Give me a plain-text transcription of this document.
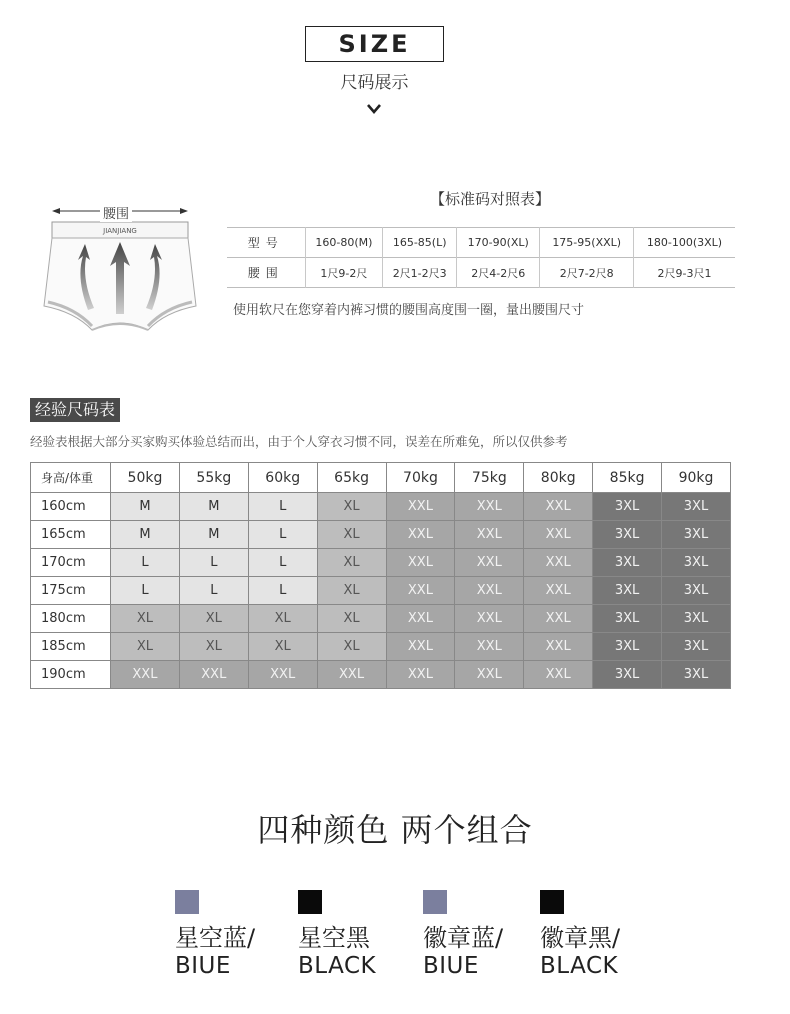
SIZE
尺码展示
JIANJIANG
腰围
【标准码对照表】
型号	160-80(M)	165-85(L)	170-90(XL)	175-95(XXL)	180-100(3XL)
腰围	1尺9-2尺	2尺1-2尺3	2尺4-2尺6	2尺7-2尺8	2尺9-3尺1
使用软尺在您穿着内裤习惯的腰围高度围一圈，量出腰围尺寸
经验尺码表
经验表根据大部分买家购买体验总结而出，由于个人穿衣习惯不同，误差在所难免，所以仅供参考
身高/体重	50kg	55kg	60kg	65kg	70kg	75kg	80kg	85kg	90kg
160cm	M	M	L	XL	XXL	XXL	XXL	3XL	3XL
165cm	M	M	L	XL	XXL	XXL	XXL	3XL	3XL
170cm	L	L	L	XL	XXL	XXL	XXL	3XL	3XL
175cm	L	L	L	XL	XXL	XXL	XXL	3XL	3XL
180cm	XL	XL	XL	XL	XXL	XXL	XXL	3XL	3XL
185cm	XL	XL	XL	XL	XXL	XXL	XXL	3XL	3XL
190cm	XXL	XXL	XXL	XXL	XXL	XXL	XXL	3XL	3XL
四种颜色 两个组合
星空蓝/
BIUE
星空黑
BLACK
徽章蓝/
BIUE
徽章黑/
BLACK
